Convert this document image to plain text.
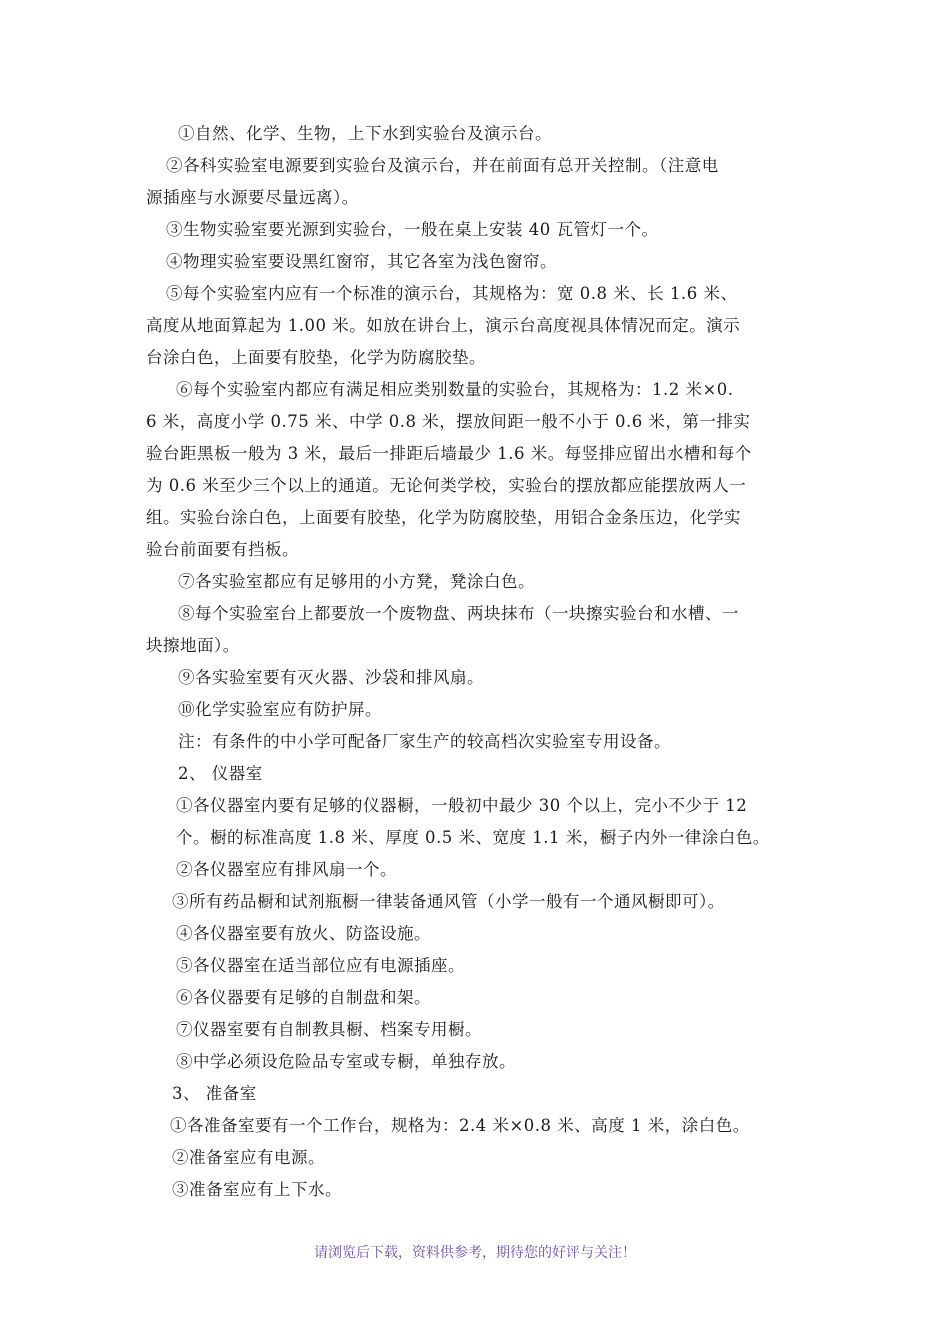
①自然、化学、生物，上下水到实验台及演示台。
②各科实验室电源要到实验台及演示台，并在前面有总开关控制。（注意电
源插座与水源要尽量远离）。
③生物实验室要光源到实验台，一般在桌上安装 40 瓦管灯一个。
④物理实验室要设黑红窗帘，其它各室为浅色窗帘。
⑤每个实验室内应有一个标准的演示台，其规格为：宽 0.8 米、长 1.6 米、
高度从地面算起为 1.00 米。如放在讲台上，演示台高度视具体情况而定。演示
台涂白色，上面要有胶垫，化学为防腐胶垫。
⑥每个实验室内都应有满足相应类别数量的实验台，其规格为：1.2 米×0.
6 米，高度小学 0.75 米、中学 0.8 米，摆放间距一般不小于 0.6 米，第一排实
验台距黑板一般为 3 米，最后一排距后墙最少 1.6 米。每竖排应留出水槽和每个
为 0.6 米至少三个以上的通道。无论何类学校，实验台的摆放都应能摆放两人一
组。实验台涂白色，上面要有胶垫，化学为防腐胶垫，用铝合金条压边，化学实
验台前面要有挡板。
⑦各实验室都应有足够用的小方凳，凳涂白色。
⑧每个实验室台上都要放一个废物盘、两块抹布（一块擦实验台和水槽、一
块擦地面）。
⑨各实验室要有灭火器、沙袋和排风扇。
⑩化学实验室应有防护屏。
注：有条件的中小学可配备厂家生产的较高档次实验室专用设备。
2、 仪器室
①各仪器室内要有足够的仪器橱，一般初中最少 30 个以上，完小不少于 12
个。橱的标准高度 1.8 米、厚度 0.5 米、宽度 1.1 米，橱子内外一律涂白色。
②各仪器室应有排风扇一个。
③所有药品橱和试剂瓶橱一律装备通风管（小学一般有一个通风橱即可）。
④各仪器室要有放火、防盗设施。
⑤各仪器室在适当部位应有电源插座。
⑥各仪器要有足够的自制盘和架。
⑦仪器室要有自制教具橱、档案专用橱。
⑧中学必须设危险品专室或专橱，单独存放。
3、 准备室
①各准备室要有一个工作台，规格为：2.4 米×0.8 米、高度 1 米，涂白色。
②准备室应有电源。
③准备室应有上下水。
请浏览后下载，资料供参考，期待您的好评与关注！
